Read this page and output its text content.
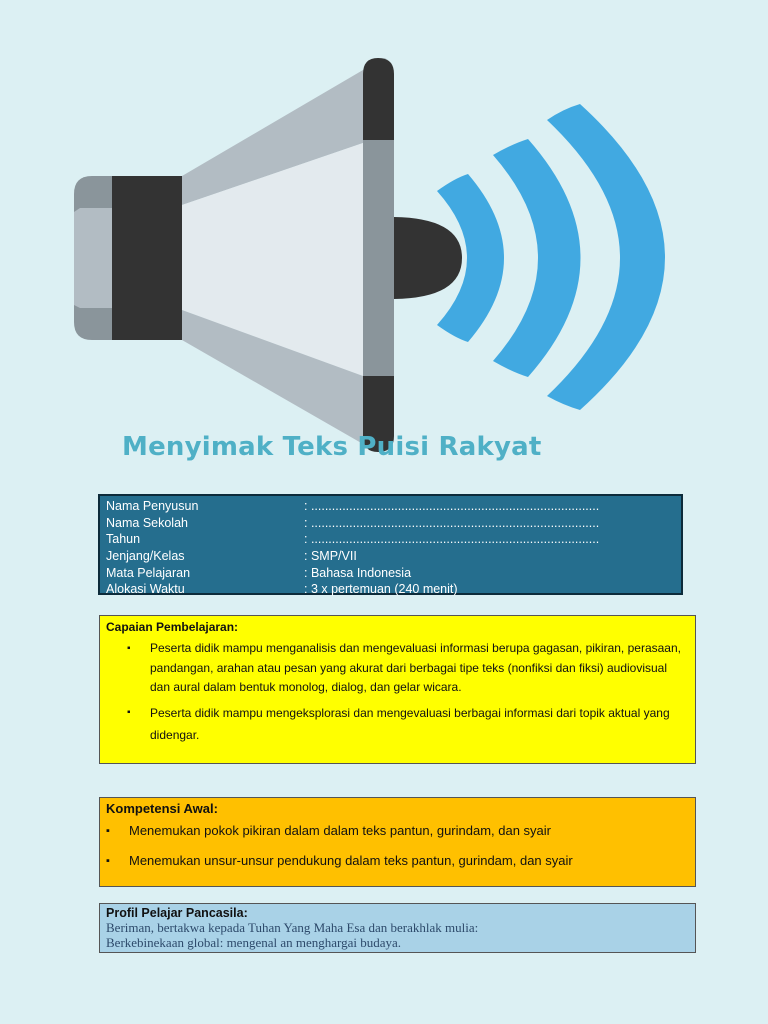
Menyimak Teks Puisi Rakyat
Nama Penyusun	: ...................................................................................
Nama Sekolah	: ...................................................................................
Tahun	: ...................................................................................
Jenjang/Kelas	: SMP/VII
Mata Pelajaran	: Bahasa Indonesia
Alokasi Waktu	: 3 x pertemuan (240 menit)

Capaian Pembelajaran:

▪ Peserta didik mampu menganalisis dan mengevaluasi informasi berupa gagasan, pikiran, perasaan, pandangan, arahan atau pesan yang akurat dari berbagai tipe teks (nonfiksi dan fiksi) audiovisual dan aural dalam bentuk monolog, dialog, dan gelar wicara.
▪ Peserta didik mampu mengeksplorasi dan mengevaluasi berbagai informasi dari topik aktual yang didengar.

Kompetensi Awal:

▪ Menemukan pokok pikiran dalam dalam teks pantun, gurindam, dan syair
▪ Menemukan unsur-unsur pendukung dalam teks pantun, gurindam, dan syair

Profil Pelajar Pancasila:

Beriman, bertakwa kepada Tuhan Yang Maha Esa dan berakhlak mulia:
Berkebinekaan global: mengenal an menghargai budaya.
